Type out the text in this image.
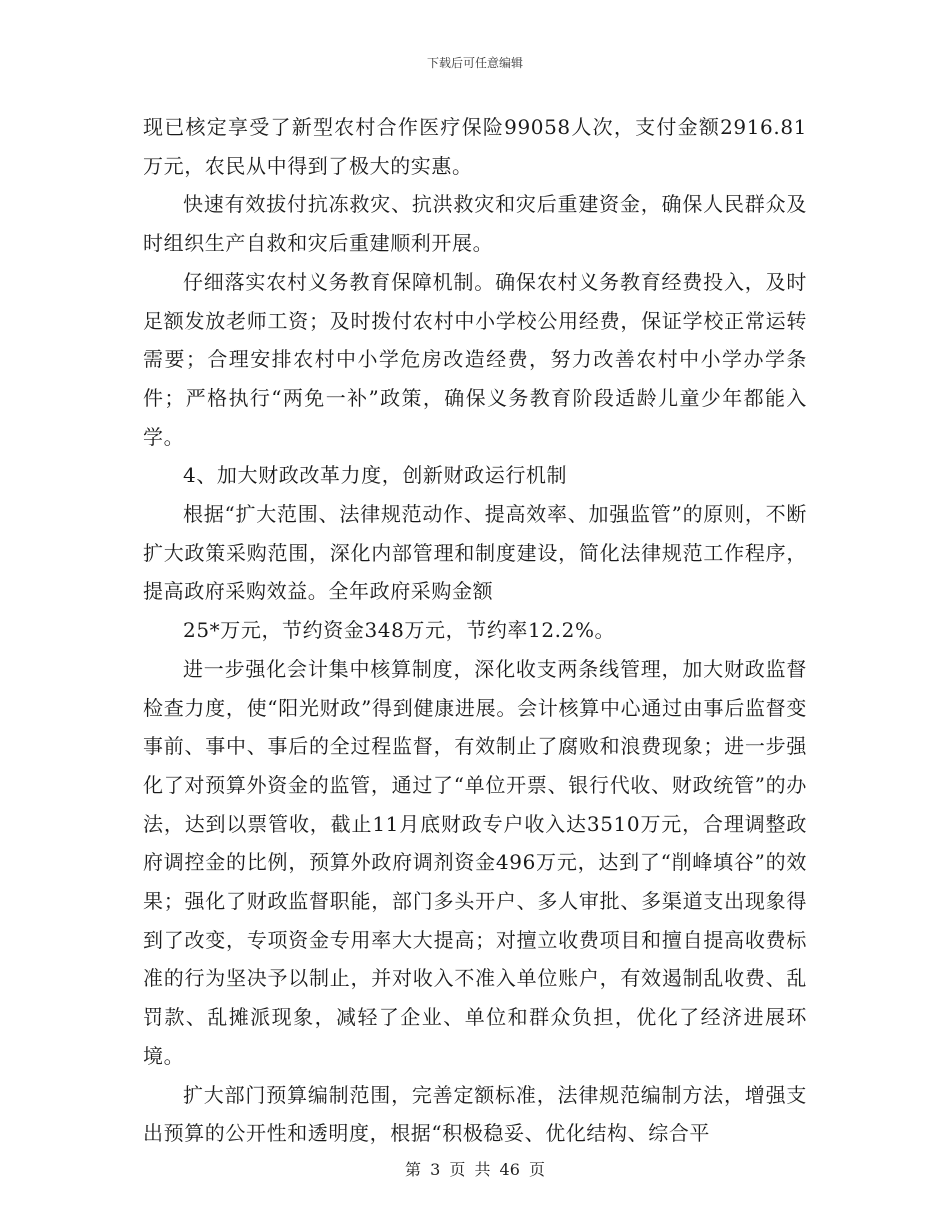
下载后可任意编辑

现已核定享受了新型农村合作医疗保险99058人次，支付金额2916.81万元，农民从中得到了极大的实惠。

快速有效拔付抗冻救灾、抗洪救灾和灾后重建资金，确保人民群众及时组织生产自救和灾后重建顺利开展。

仔细落实农村义务教育保障机制。确保农村义务教育经费投入，及时足额发放老师工资；及时拨付农村中小学校公用经费，保证学校正常运转需要；合理安排农村中小学危房改造经费，努力改善农村中小学办学条件；严格执行“两免一补”政策，确保义务教育阶段适龄儿童少年都能入学。

4、加大财政改革力度，创新财政运行机制

根据“扩大范围、法律规范动作、提高效率、加强监管”的原则，不断扩大政策采购范围，深化内部管理和制度建设，简化法律规范工作程序，提高政府采购效益。全年政府采购金额

25*万元，节约资金348万元，节约率12.2%。

进一步强化会计集中核算制度，深化收支两条线管理，加大财政监督检查力度，使“阳光财政”得到健康进展。会计核算中心通过由事后监督变事前、事中、事后的全过程监督，有效制止了腐败和浪费现象；进一步强化了对预算外资金的监管，通过了“单位开票、银行代收、财政统管”的办法，达到以票管收，截止11月底财政专户收入达3510万元，合理调整政府调控金的比例，预算外政府调剂资金496万元，达到了“削峰填谷”的效果；强化了财政监督职能，部门多头开户、多人审批、多渠道支出现象得到了改变，专项资金专用率大大提高；对擅立收费项目和擅自提高收费标准的行为坚决予以制止，并对收入不准入单位账户，有效遏制乱收费、乱罚款、乱摊派现象，减轻了企业、单位和群众负担，优化了经济进展环境。

扩大部门预算编制范围，完善定额标准，法律规范编制方法，增强支出预算的公开性和透明度，根据“积极稳妥、优化结构、综合平

第 3 页 共 46 页
